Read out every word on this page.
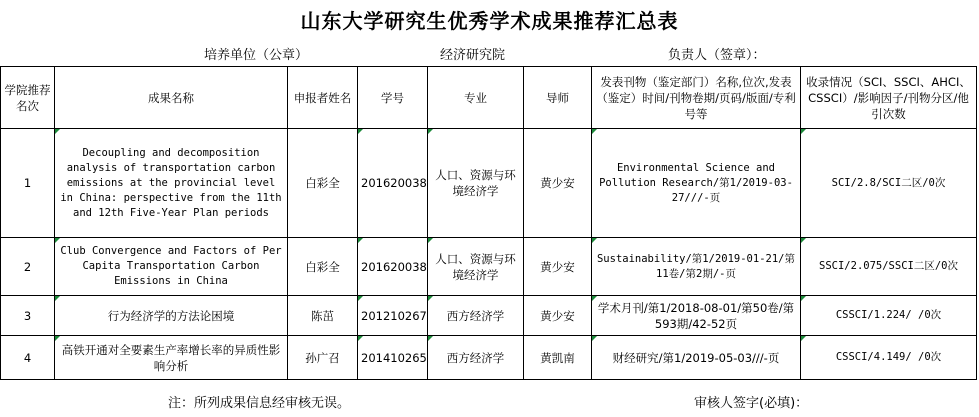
山东大学研究生优秀学术成果推荐汇总表
培养单位（公章）	经济研究院	负责人（签章）：
学院推荐名次	成果名称	申报者姓名	学号	专业	导师	发表刊物（鉴定部门）名称,位次,发表（鉴定）时间/刊物卷期/页码/版面/专利号等	收录情况（SCI、SSCI、AHCI、CSSCI）/影响因子/刊物分区/他引次数
1	Decoupling and decomposition analysis of transportation carbon emissions at the provincial level in China: perspective from the 11th and 12th Five-Year Plan periods	白彩全	201620038	人口、资源与环境经济学	黄少安	Environmental Science and Pollution Research/第1/2019-03-27///-页	SCI/2.8/SCI二区/0次
2	Club Convergence and Factors of Per Capita Transportation Carbon Emissions in China	白彩全	201620038	人口、资源与环境经济学	黄少安	Sustainability/第1/2019-01-21/第11卷/第2期/-页	SSCI/2.075/SSCI二区/0次
3	行为经济学的方法论困境	陈茁	201210267	西方经济学	黄少安	学术月刊/第1/2018-08-01/第50卷/第593期/42-52页	CSSCI/1.224/ /0次
4	高铁开通对全要素生产率增长率的异质性影响分析	孙广召	201410265	西方经济学	黄凯南	财经研究/第1/2019-05-03///-页	CSSCI/4.149/ /0次
注：所列成果信息经审核无误。	审核人签字(必填)：
